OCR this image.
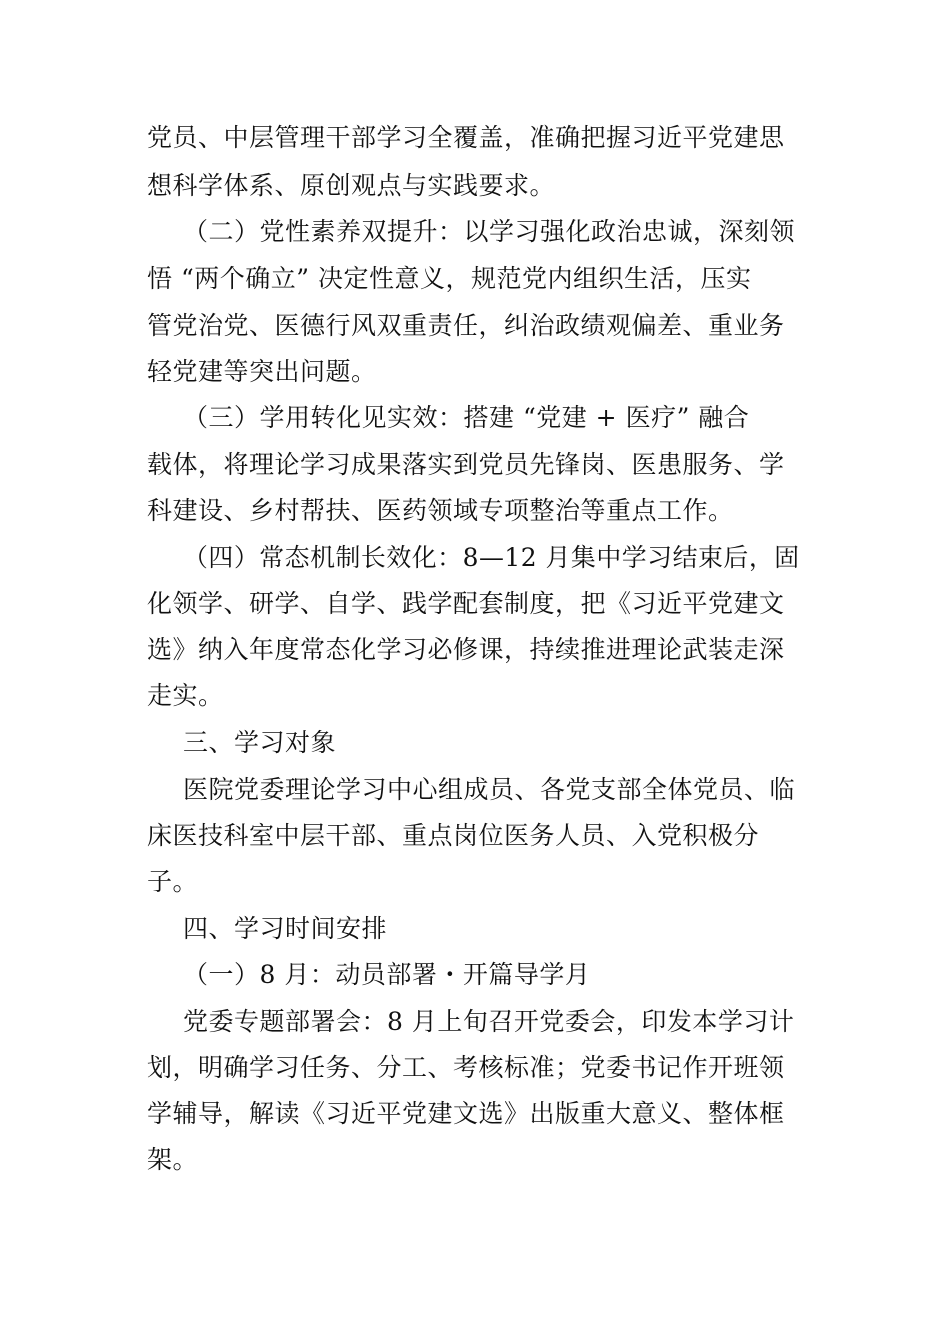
党员、中层管理干部学习全覆盖，准确把握习近平党建思
想科学体系、原创观点与实践要求。
（二）党性素养双提升：以学习强化政治忠诚，深刻领
悟 “两个确立” 决定性意义，规范党内组织生活，压实
管党治党、医德行风双重责任，纠治政绩观偏差、重业务
轻党建等突出问题。
（三）学用转化见实效：搭建 “党建 + 医疗” 融合
载体，将理论学习成果落实到党员先锋岗、医患服务、学
科建设、乡村帮扶、医药领域专项整治等重点工作。
（四）常态机制长效化：8—12 月集中学习结束后，固
化领学、研学、自学、践学配套制度，把《习近平党建文
选》纳入年度常态化学习必修课，持续推进理论武装走深
走实。
三、学习对象
医院党委理论学习中心组成员、各党支部全体党员、临
床医技科室中层干部、重点岗位医务人员、入党积极分
子。
四、学习时间安排
（一）8 月：动员部署・开篇导学月
党委专题部署会：8 月上旬召开党委会，印发本学习计
划，明确学习任务、分工、考核标准；党委书记作开班领
学辅导，解读《习近平党建文选》出版重大意义、整体框
架。
